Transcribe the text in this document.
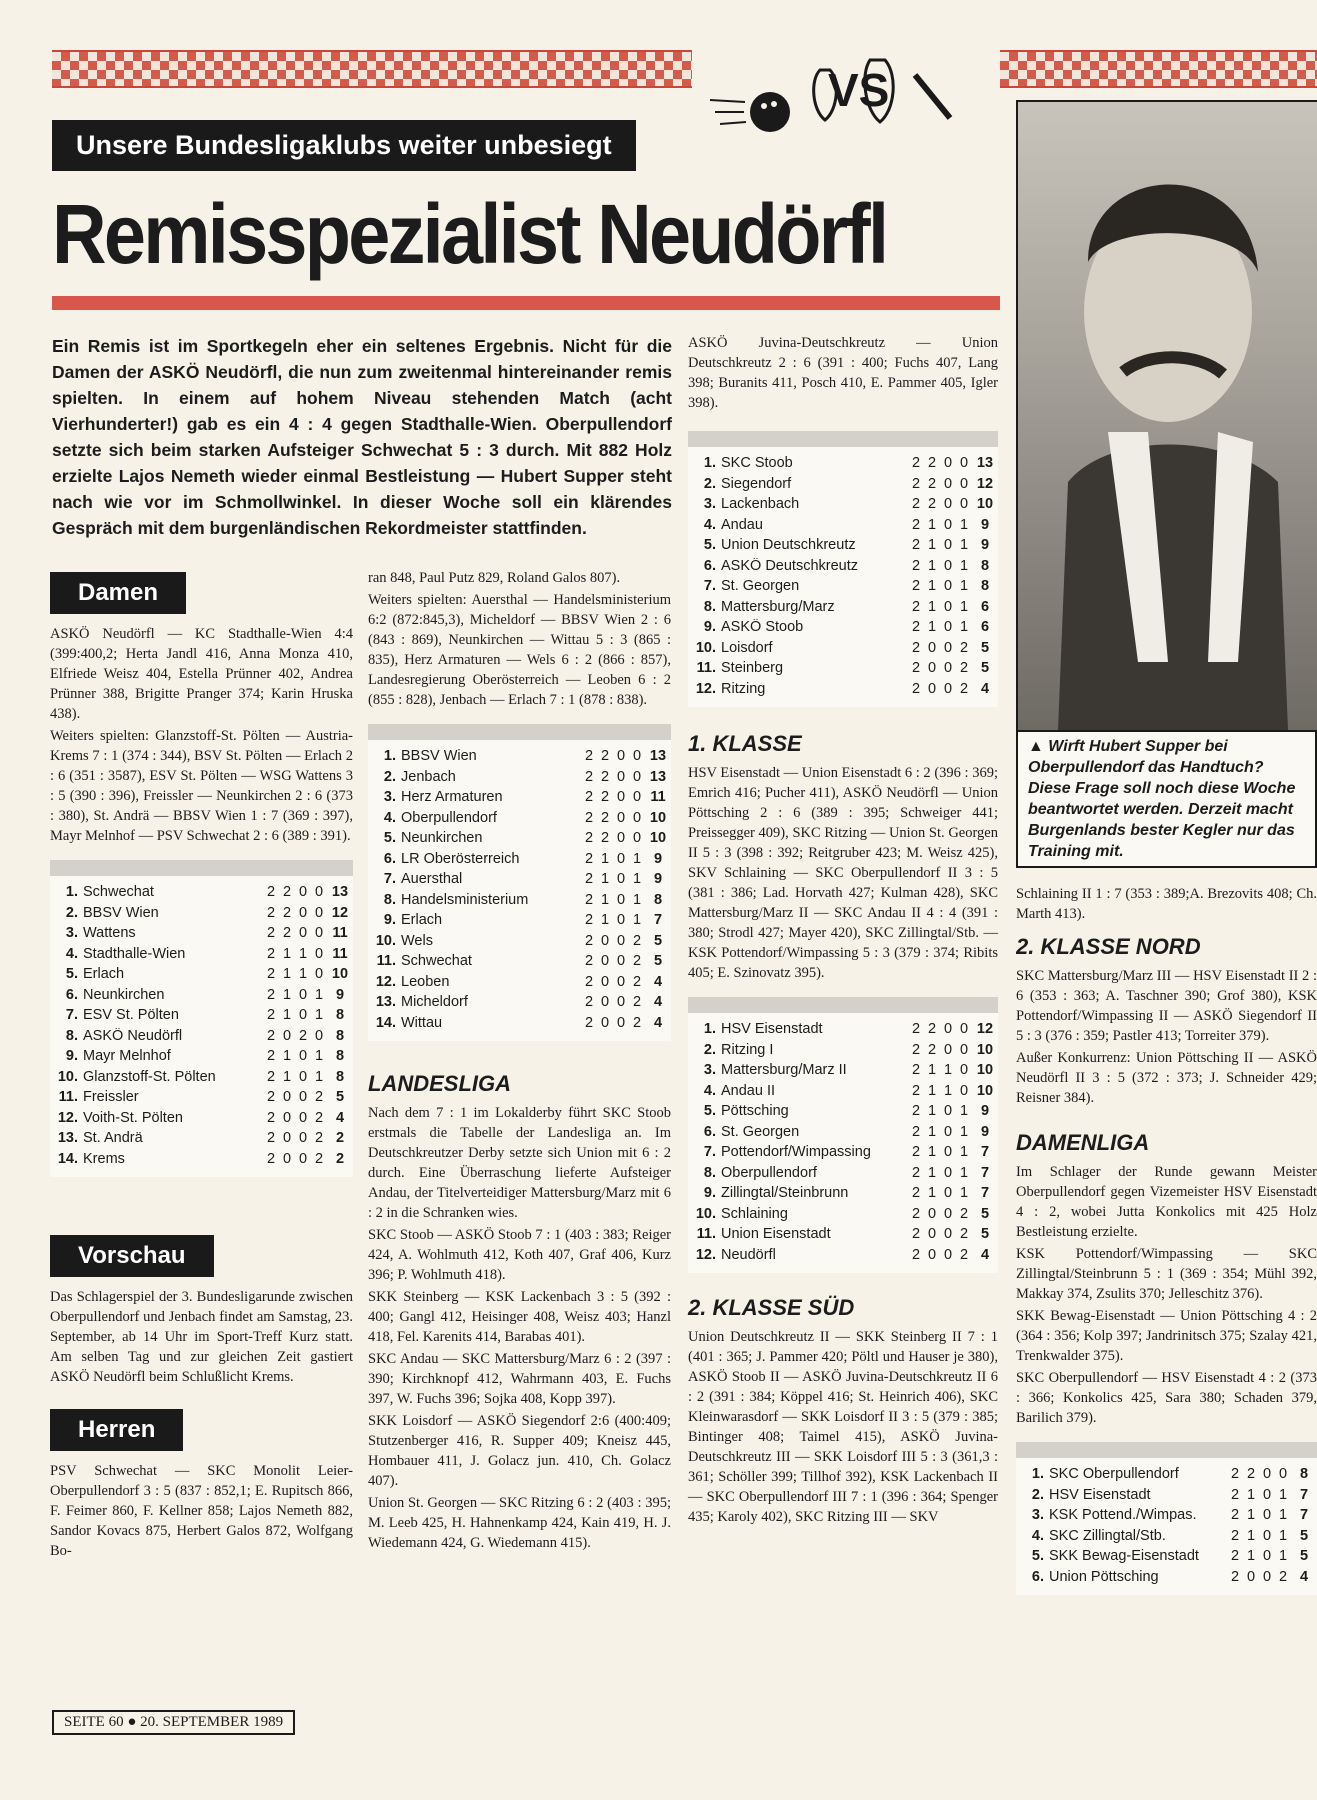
VS
Unsere Bundesligaklubs weiter unbesiegt
Remisspezialist Neudörfl
Ein Remis ist im Sportkegeln eher ein seltenes Ergebnis. Nicht für die Damen der ASKÖ Neudörfl, die nun zum zweitenmal hintereinander remis spielten. In einem auf hohem Niveau stehenden Match (acht Vierhunderter!) gab es ein 4 : 4 gegen Stadthalle-Wien. Oberpullendorf setzte sich beim starken Aufsteiger Schwechat 5 : 3 durch. Mit 882 Holz erzielte Lajos Nemeth wieder einmal Bestleistung — Hubert Supper steht nach wie vor im Schmollwinkel. In dieser Woche soll ein klärendes Gespräch mit dem burgenländischen Rekordmeister stattfinden.
Damen

ASKÖ Neudörfl — KC Stadthalle-Wien 4:4 (399:400,2; Herta Jandl 416, Anna Monza 410, Elfriede Weisz 404, Estella Prünner 402, Andrea Prünner 388, Brigitte Pranger 374; Karin Hruska 438).

Weiters spielten: Glanzstoff-St. Pölten — Austria-Krems 7 : 1 (374 : 344), BSV St. Pölten — Erlach 2 : 6 (351 : 3587), ESV St. Pölten — WSG Wattens 3 : 5 (390 : 396), Freissler — Neunkirchen 2 : 6 (373 : 380), St. Andrä — BBSV Wien 1 : 7 (369 : 397), Mayr Melnhof — PSV Schwechat 2 : 6 (389 : 391).

1. Schwechat	2 2 0 0 13
2. BBSV Wien	2 2 0 0 12
3. Wattens	2 2 0 0 11
4. Stadthalle-Wien	2 1 1 0 11
5. Erlach	2 1 1 0 10
6. Neunkirchen	2 1 0 1 9
7. ESV St. Pölten	2 1 0 1 8
8. ASKÖ Neudörfl	2 0 2 0 8
9. Mayr Melnhof	2 1 0 1 8
10. Glanzstoff-St. Pölten	2 1 0 1 8
11. Freissler	2 0 0 2 5
12. Voith-St. Pölten	2 0 0 2 4
13. St. Andrä	2 0 0 2 2
14. Krems	2 0 0 2 2
Vorschau
Das Schlagerspiel der 3. Bundesligarunde zwischen Oberpullendorf und Jenbach findet am Samstag, 23. September, ab 14 Uhr im Sport-Treff Kurz statt. Am selben Tag und zur gleichen Zeit gastiert ASKÖ Neudörfl beim Schlußlicht Krems.
Herren
PSV Schwechat — SKC Monolit Leier-Oberpullendorf 3 : 5 (837 : 852,1; E. Rupitsch 866, F. Feimer 860, F. Kellner 858; Lajos Nemeth 882, Sandor Kovacs 875, Herbert Galos 872, Wolfgang Bo-
SEITE 60 ● 20. SEPTEMBER 1989

ran 848, Paul Putz 829, Roland Galos 807).

Weiters spielten: Auersthal — Handelsministerium 6:2 (872:845,3), Micheldorf — BBSV Wien 2 : 6 (843 : 869), Neunkirchen — Wittau 5 : 3 (865 : 835), Herz Armaturen — Wels 6 : 2 (866 : 857), Landesregierung Oberösterreich — Leoben 6 : 2 (855 : 828), Jenbach — Erlach 7 : 1 (878 : 838).

1. BBSV Wien	2 2 0 0 13
2. Jenbach	2 2 0 0 13
3. Herz Armaturen	2 2 0 0 11
4. Oberpullendorf	2 2 0 0 10
5. Neunkirchen	2 2 0 0 10
6. LR Oberösterreich	2 1 0 1 9
7. Auersthal	2 1 0 1 9
8. Handelsministerium	2 1 0 1 8
9. Erlach	2 1 0 1 7
10. Wels	2 0 0 2 5
11. Schwechat	2 0 0 2 5
12. Leoben	2 0 0 2 4
13. Micheldorf	2 0 0 2 4
14. Wittau	2 0 0 2 4
LANDESLIGA

Nach dem 7 : 1 im Lokalderby führt SKC Stoob erstmals die Tabelle der Landesliga an. Im Deutschkreutzer Derby setzte sich Union mit 6 : 2 durch. Eine Überraschung lieferte Aufsteiger Andau, der Titelverteidiger Mattersburg/Marz mit 6 : 2 in die Schranken wies.

SKC Stoob — ASKÖ Stoob 7 : 1 (403 : 383; Reiger 424, A. Wohlmuth 412, Koth 407, Graf 406, Kurz 396; P. Wohlmuth 418).

SKK Steinberg — KSK Lackenbach 3 : 5 (392 : 400; Gangl 412, Heisinger 408, Weisz 403; Hanzl 418, Fel. Karenits 414, Barabas 401).

SKC Andau — SKC Mattersburg/Marz 6 : 2 (397 : 390; Kirchknopf 412, Wahrmann 403, E. Fuchs 397, W. Fuchs 396; Sojka 408, Kopp 397).

SKK Loisdorf — ASKÖ Siegendorf 2:6 (400:409; Stutzenberger 416, R. Supper 409; Kneisz 445, Hombauer 411, J. Golacz jun. 410, Ch. Golacz 407).

Union St. Georgen — SKC Ritzing 6 : 2 (403 : 395; M. Leeb 425, H. Hahnenkamp 424, Kain 419, H. J. Wiedemann 424, G. Wiedemann 415).

ASKÖ Juvina-Deutschkreutz — Union Deutschkreutz 2 : 6 (391 : 400; Fuchs 407, Lang 398; Buranits 411, Posch 410, E. Pammer 405, Igler 398).
1. SKC Stoob	2 2 0 0 13
2. Siegendorf	2 2 0 0 12
3. Lackenbach	2 2 0 0 10
4. Andau	2 1 0 1 9
5. Union Deutschkreutz	2 1 0 1 9
6. ASKÖ Deutschkreutz	2 1 0 1 8
7. St. Georgen	2 1 0 1 8
8. Mattersburg/Marz	2 1 0 1 6
9. ASKÖ Stoob	2 1 0 1 6
10. Loisdorf	2 0 0 2 5
11. Steinberg	2 0 0 2 5
12. Ritzing	2 0 0 2 4
1. KLASSE
HSV Eisenstadt — Union Eisenstadt 6 : 2 (396 : 369; Emrich 416; Pucher 411), ASKÖ Neudörfl — Union Pöttsching 2 : 6 (389 : 395; Schweiger 441; Preissegger 409), SKC Ritzing — Union St. Georgen II 5 : 3 (398 : 392; Reitgruber 423; M. Weisz 425), SKV Schlaining — SKC Oberpullendorf II 3 : 5 (381 : 386; Lad. Horvath 427; Kulman 428), SKC Mattersburg/Marz II — SKC Andau II 4 : 4 (391 : 380; Strodl 427; Mayer 420), SKC Zillingtal/Stb. — KSK Pottendorf/Wimpassing 5 : 3 (379 : 374; Ribits 405; E. Szinovatz 395).
1. HSV Eisenstadt	2 2 0 0 12
2. Ritzing I	2 2 0 0 10
3. Mattersburg/Marz II	2 1 1 0 10
4. Andau II	2 1 1 0 10
5. Pöttsching	2 1 0 1 9
6. St. Georgen	2 1 0 1 9
7. Pottendorf/Wimpassing	2 1 0 1 7
8. Oberpullendorf	2 1 0 1 7
9. Zillingtal/Steinbrunn	2 1 0 1 7
10. Schlaining	2 0 0 2 5
11. Union Eisenstadt	2 0 0 2 5
12. Neudörfl	2 0 0 2 4
2. KLASSE SÜD
Union Deutschkreutz II — SKK Steinberg II 7 : 1 (401 : 365; J. Pammer 420; Pöltl und Hauser je 380), ASKÖ Stoob II — ASKÖ Juvina-Deutschkreutz II 6 : 2 (391 : 384; Köppel 416; St. Heinrich 406), SKC Kleinwarasdorf — SKK Loisdorf II 3 : 5 (379 : 385; Bintinger 408; Taimel 415), ASKÖ Juvina-Deutschkreutz III — SKK Loisdorf III 5 : 3 (361,3 : 361; Schöller 399; Tillhof 392), KSK Lackenbach II — SKC Oberpullendorf III 7 : 1 (396 : 364; Spenger 435; Karoly 402), SKC Ritzing III — SKV
▲ Wirft Hubert Supper bei Oberpullendorf das Handtuch? Diese Frage soll noch diese Woche beantwortet werden. Derzeit macht Burgenlands bester Kegler nur das Training mit.
Schlaining II 1 : 7 (353 : 389;A. Brezovits 408; Ch. Marth 413).
2. KLASSE NORD

SKC Mattersburg/Marz III — HSV Eisenstadt II 2 : 6 (353 : 363; A. Taschner 390; Grof 380), KSK Pottendorf/Wimpassing II — ASKÖ Siegendorf II 5 : 3 (376 : 359; Pastler 413; Torreiter 379).

Außer Konkurrenz: Union Pöttsching II — ASKÖ Neudörfl II 3 : 5 (372 : 373; J. Schneider 429; Reisner 384).

DAMENLIGA

Im Schlager der Runde gewann Meister Oberpullendorf gegen Vizemeister HSV Eisenstadt 4 : 2, wobei Jutta Konkolics mit 425 Holz Bestleistung erzielte.

KSK Pottendorf/Wimpassing — SKC Zillingtal/Steinbrunn 5 : 1 (369 : 354; Mühl 392, Makkay 374, Zsulits 370; Jelleschitz 376).

SKK Bewag-Eisenstadt — Union Pöttsching 4 : 2 (364 : 356; Kolp 397; Jandrinitsch 375; Szalay 421, Trenkwalder 375).

SKC Oberpullendorf — HSV Eisenstadt 4 : 2 (373 : 366; Konkolics 425, Sara 380; Schaden 379, Barilich 379).

1. SKC Oberpullendorf	2 2 0 0 8
2. HSV Eisenstadt	2 1 0 1 7
3. KSK Pottend./Wimpas.	2 1 0 1 7
4. SKC Zillingtal/Stb.	2 1 0 1 5
5. SKK Bewag-Eisenstadt	2 1 0 1 5
6. Union Pöttsching	2 0 0 2 4
